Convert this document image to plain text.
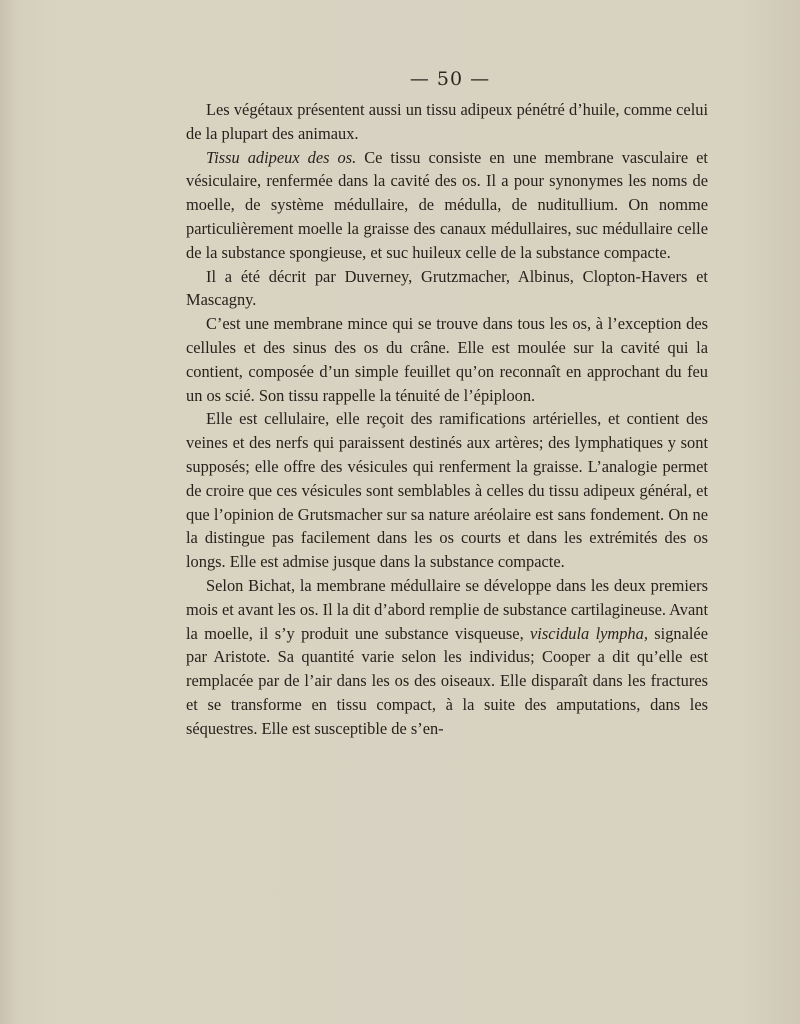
— 50 —

Les végétaux présentent aussi un tissu adipeux pénétré d’huile, comme celui de la plupart des animaux.

Tissu adipeux des os. Ce tissu consiste en une membrane vasculaire et vésiculaire, renfermée dans la cavité des os. Il a pour synonymes les noms de moelle, de système médullaire, de médulla, de nuditullium. On nomme particulièrement moelle la graisse des canaux médullaires, suc médullaire celle de la substance spongieuse, et suc huileux celle de la substance compacte.

Il a été décrit par Duverney, Grutzmacher, Albinus, Clopton-Havers et Mascagny.

C’est une membrane mince qui se trouve dans tous les os, à l’exception des cellules et des sinus des os du crâne. Elle est moulée sur la cavité qui la contient, composée d’un simple feuillet qu’on reconnaît en approchant du feu un os scié. Son tissu rappelle la ténuité de l’épiploon.

Elle est cellulaire, elle reçoit des ramifications artérielles, et contient des veines et des nerfs qui paraissent destinés aux artères; des lymphatiques y sont supposés; elle offre des vésicules qui renferment la graisse. L’analogie permet de croire que ces vésicules sont semblables à celles du tissu adipeux général, et que l’opinion de Grutsmacher sur sa nature aréolaire est sans fondement. On ne la distingue pas facilement dans les os courts et dans les extrémités des os longs. Elle est admise jusque dans la substance compacte.

Selon Bichat, la membrane médullaire se développe dans les deux premiers mois et avant les os. Il la dit d’abord remplie de substance cartilagineuse. Avant la moelle, il s’y produit une substance visqueuse, viscidula lympha, signalée par Aristote. Sa quantité varie selon les individus; Cooper a dit qu’elle est remplacée par de l’air dans les os des oiseaux. Elle disparaît dans les fractures et se transforme en tissu compact, à la suite des amputations, dans les séquestres. Elle est susceptible de s’en-
